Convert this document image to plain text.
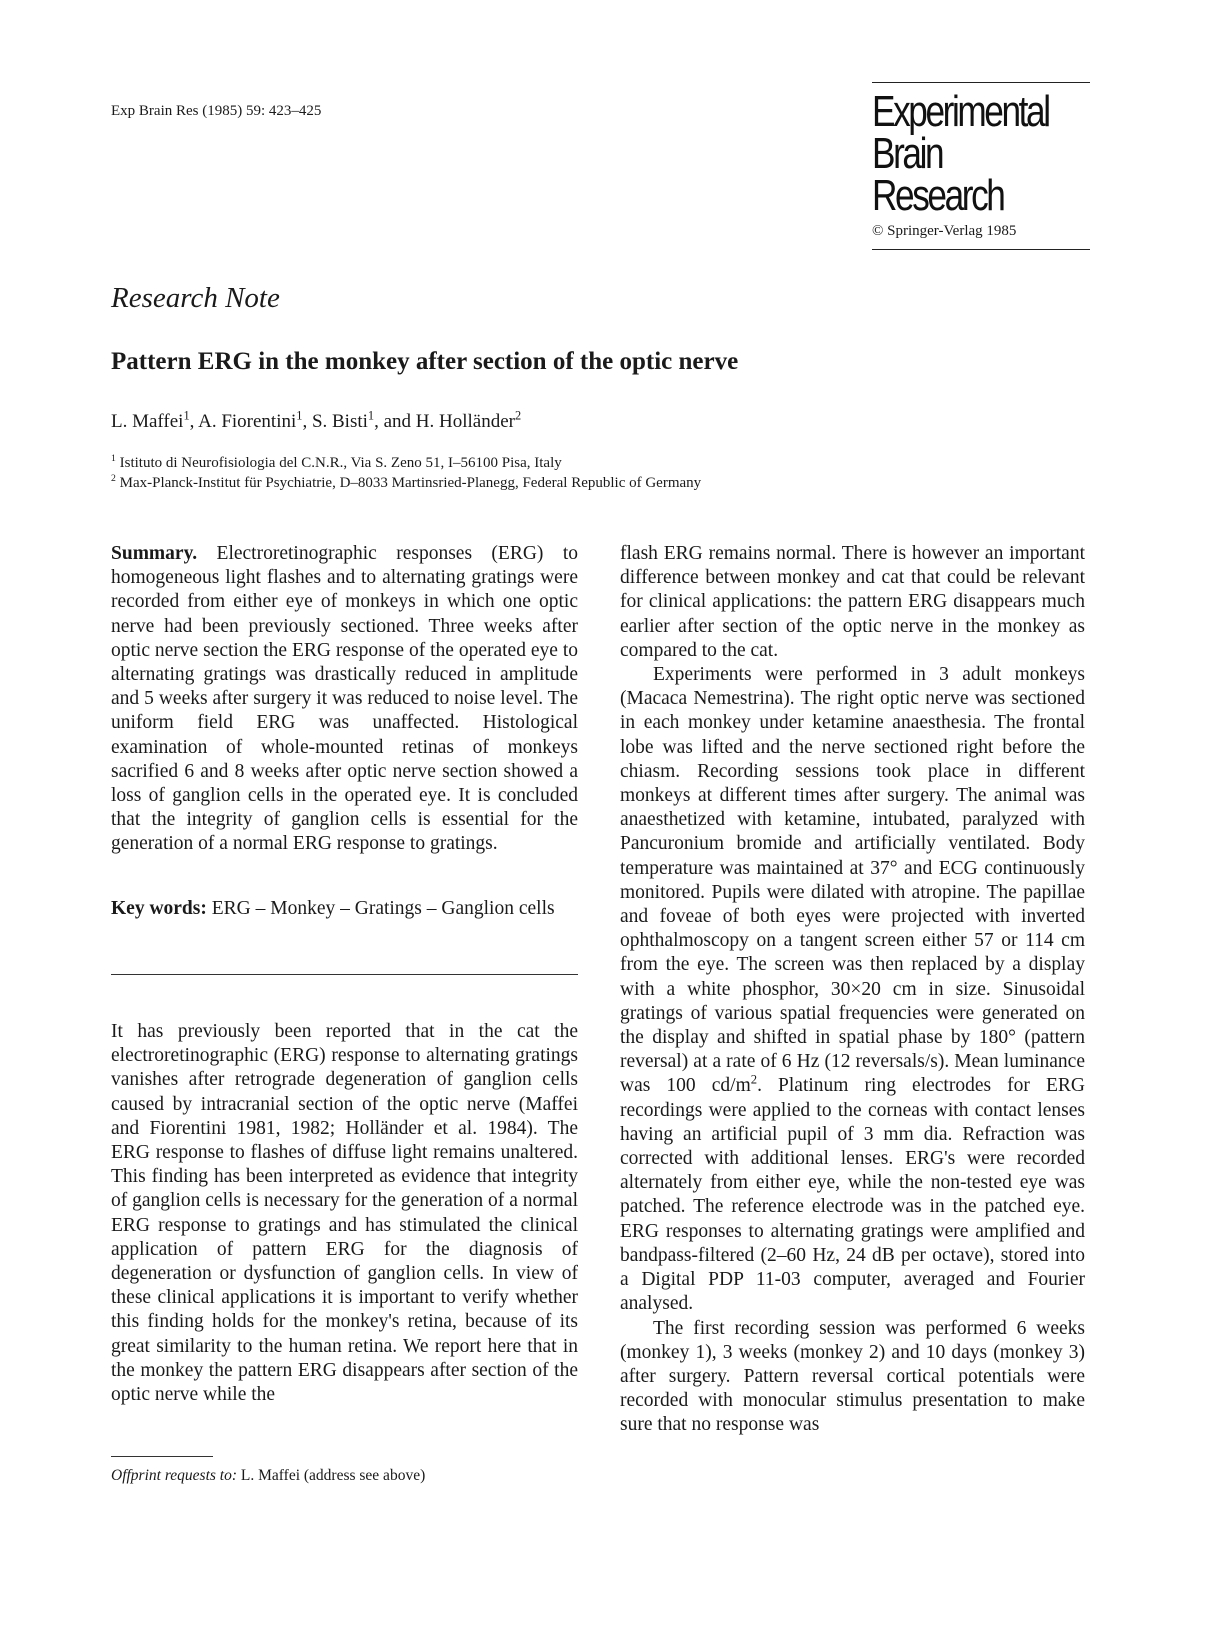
Exp Brain Res (1985) 59: 423–425	Experimental
Brain Research
© Springer-Verlag 1985
Research Note
Pattern ERG in the monkey after section of the optic nerve
L. Maffei$^1$, A. Fiorentini$^1$, S. Bisti$^1$, and H. Holländer$^2$
$^1$ Istituto di Neurofisiologia del C.N.R., Via S. Zeno 51, I–56100 Pisa, Italy
$^2$ Max-Planck-Institut für Psychiatrie, D–8033 Martinsried-Planegg, Federal Republic of Germany

Summary. Electroretinographic responses (ERG) to homogeneous light flashes and to alternating gratings were recorded from either eye of monkeys in which one optic nerve had been previously sectioned. Three weeks after optic nerve section the ERG response of the operated eye to alternating gratings was drastically reduced in amplitude and 5 weeks after surgery it was reduced to noise level. The uniform field ERG was unaffected. Histological examination of whole-mounted retinas of monkeys sacrified 6 and 8 weeks after optic nerve section showed a loss of ganglion cells in the operated eye. It is concluded that the integrity of ganglion cells is essential for the generation of a normal ERG response to gratings.

Key words: ERG – Monkey – Gratings – Ganglion cells

It has previously been reported that in the cat the electroretinographic (ERG) response to alternating gratings vanishes after retrograde degeneration of ganglion cells caused by intracranial section of the optic nerve (Maffei and Fiorentini 1981, 1982; Holländer et al. 1984). The ERG response to flashes of diffuse light remains unaltered. This finding has been interpreted as evidence that integrity of ganglion cells is necessary for the generation of a normal ERG response to gratings and has stimulated the clinical application of pattern ERG for the diagnosis of degeneration or dysfunction of ganglion cells. In view of these clinical applications it is important to verify whether this finding holds for the monkey's retina, because of its great similarity to the human retina. We report here that in the monkey the pattern ERG disappears after section of the optic nerve while the

Offprint requests to: L. Maffei (address see above)

flash ERG remains normal. There is however an important difference between monkey and cat that could be relevant for clinical applications: the pattern ERG disappears much earlier after section of the optic nerve in the monkey as compared to the cat.

Experiments were performed in 3 adult monkeys (Macaca Nemestrina). The right optic nerve was sectioned in each monkey under ketamine anaesthesia. The frontal lobe was lifted and the nerve sectioned right before the chiasm. Recording sessions took place in different monkeys at different times after surgery. The animal was anaesthetized with ketamine, intubated, paralyzed with Pancuronium bromide and artificially ventilated. Body temperature was maintained at 37° and ECG continuously monitored. Pupils were dilated with atropine. The papillae and foveae of both eyes were projected with inverted ophthalmoscopy on a tangent screen either 57 or 114 cm from the eye. The screen was then replaced by a display with a white phosphor, 30×20 cm in size. Sinusoidal gratings of various spatial frequencies were generated on the display and shifted in spatial phase by 180° (pattern reversal) at a rate of 6 Hz (12 reversals/s). Mean luminance was 100 $cd/m^2$. Platinum ring electrodes for ERG recordings were applied to the corneas with contact lenses having an artificial pupil of 3 mm dia. Refraction was corrected with additional lenses. ERG's were recorded alternately from either eye, while the non-tested eye was patched. The reference electrode was in the patched eye. ERG responses to alternating gratings were amplified and bandpass-filtered (2–60 Hz, 24 dB per octave), stored into a Digital PDP 11-03 computer, averaged and Fourier analysed.

The first recording session was performed 6 weeks (monkey 1), 3 weeks (monkey 2) and 10 days (monkey 3) after surgery. Pattern reversal cortical potentials were recorded with monocular stimulus presentation to make sure that no response was
